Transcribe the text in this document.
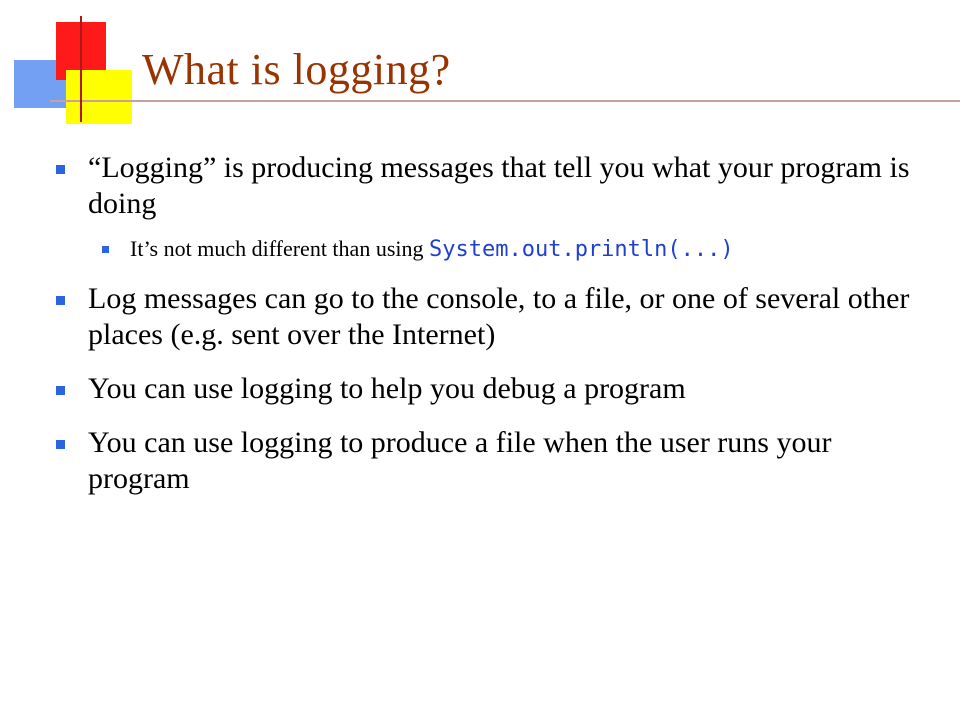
What is logging?
“Logging” is producing messages that tell you what your program is doing
It’s not much different than using System.out.println(...)
Log messages can go to the console, to a file, or one of several other places (e.g. sent over the Internet)
You can use logging to help you debug a program
You can use logging to produce a file when the user runs your program
